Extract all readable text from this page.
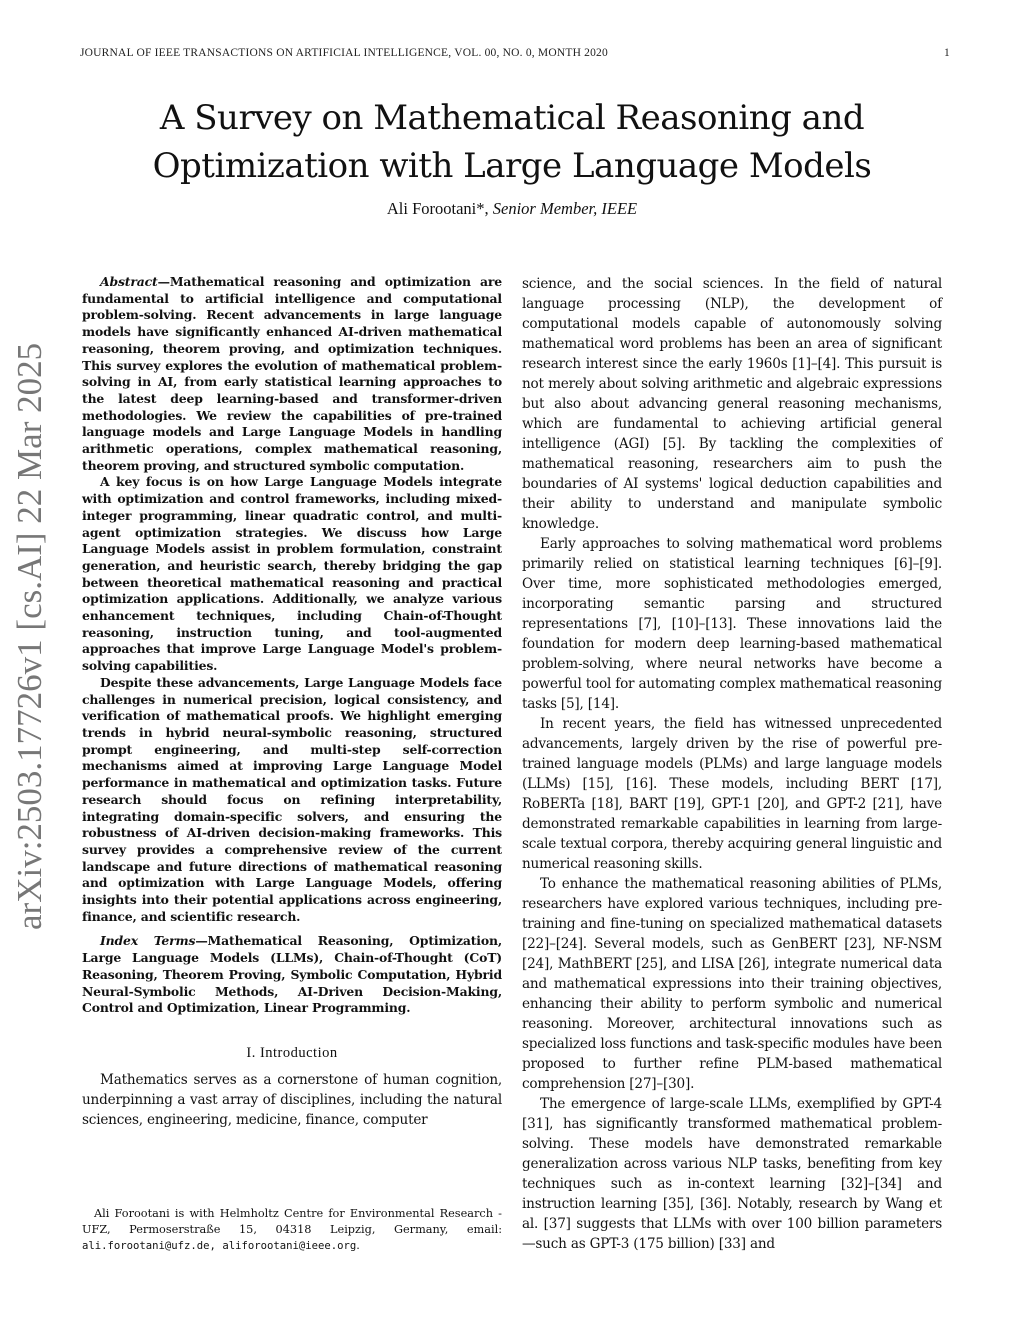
JOURNAL OF IEEE TRANSACTIONS ON ARTIFICIAL INTELLIGENCE, VOL. 00, NO. 0, MONTH 2020	1
arXiv:2503.17726v1 [cs.AI] 22 Mar 2025
A Survey on Mathematical Reasoning and
Optimization with Large Language Models
Ali Forootani*, Senior Member, IEEE

Abstract—Mathematical reasoning and optimization are fundamental to artificial intelligence and computational problem-solving. Recent advancements in large language models have significantly enhanced AI-driven mathematical reasoning, theorem proving, and optimization techniques. This survey explores the evolution of mathematical problem-solving in AI, from early statistical learning approaches to the latest deep learning-based and transformer-driven methodologies. We review the capabilities of pre-trained language models and Large Language Models in handling arithmetic operations, complex mathematical reasoning, theorem proving, and structured symbolic computation.

A key focus is on how Large Language Models integrate with optimization and control frameworks, including mixed-integer programming, linear quadratic control, and multi-agent optimization strategies. We discuss how Large Language Models assist in problem formulation, constraint generation, and heuristic search, thereby bridging the gap between theoretical mathematical reasoning and practical optimization applications. Additionally, we analyze various enhancement techniques, including Chain-of-Thought reasoning, instruction tuning, and tool-augmented approaches that improve Large Language Model's problem-solving capabilities.

Despite these advancements, Large Language Models face challenges in numerical precision, logical consistency, and verification of mathematical proofs. We highlight emerging trends in hybrid neural-symbolic reasoning, structured prompt engineering, and multi-step self-correction mechanisms aimed at improving Large Language Model performance in mathematical and optimization tasks. Future research should focus on refining interpretability, integrating domain-specific solvers, and ensuring the robustness of AI-driven decision-making frameworks. This survey provides a comprehensive review of the current landscape and future directions of mathematical reasoning and optimization with Large Language Models, offering insights into their potential applications across engineering, finance, and scientific research.

Index Terms—Mathematical Reasoning, Optimization, Large Language Models (LLMs), Chain-of-Thought (CoT) Reasoning, Theorem Proving, Symbolic Computation, Hybrid Neural-Symbolic Methods, AI-Driven Decision-Making, Control and Optimization, Linear Programming.

I. Introduction

Mathematics serves as a cornerstone of human cognition, underpinning a vast array of disciplines, including the natural sciences, engineering, medicine, finance, computer

science, and the social sciences. In the field of natural language processing (NLP), the development of computational models capable of autonomously solving mathematical word problems has been an area of significant research interest since the early 1960s [1]–[4]. This pursuit is not merely about solving arithmetic and algebraic expressions but also about advancing general reasoning mechanisms, which are fundamental to achieving artificial general intelligence (AGI) [5]. By tackling the complexities of mathematical reasoning, researchers aim to push the boundaries of AI systems' logical deduction capabilities and their ability to understand and manipulate symbolic knowledge.

Early approaches to solving mathematical word problems primarily relied on statistical learning techniques [6]–[9]. Over time, more sophisticated methodologies emerged, incorporating semantic parsing and structured representations [7], [10]–[13]. These innovations laid the foundation for modern deep learning-based mathematical problem-solving, where neural networks have become a powerful tool for automating complex mathematical reasoning tasks [5], [14].

In recent years, the field has witnessed unprecedented advancements, largely driven by the rise of powerful pre-trained language models (PLMs) and large language models (LLMs) [15], [16]. These models, including BERT [17], RoBERTa [18], BART [19], GPT-1 [20], and GPT-2 [21], have demonstrated remarkable capabilities in learning from large-scale textual corpora, thereby acquiring general linguistic and numerical reasoning skills.

To enhance the mathematical reasoning abilities of PLMs, researchers have explored various techniques, including pre-training and fine-tuning on specialized mathematical datasets [22]–[24]. Several models, such as GenBERT [23], NF-NSM [24], MathBERT [25], and LISA [26], integrate numerical data and mathematical expressions into their training objectives, enhancing their ability to perform symbolic and numerical reasoning. Moreover, architectural innovations such as specialized loss functions and task-specific modules have been proposed to further refine PLM-based mathematical comprehension [27]–[30].

The emergence of large-scale LLMs, exemplified by GPT-4 [31], has significantly transformed mathematical problem-solving. These models have demonstrated remarkable generalization across various NLP tasks, benefiting from key techniques such as in-context learning [32]–[34] and instruction learning [35], [36]. Notably, research by Wang et al. [37] suggests that LLMs with over 100 billion parameters—such as GPT-3 (175 billion) [33] and

Ali Forootani is with Helmholtz Centre for Environmental Research - UFZ, Permoserstraße 15, 04318 Leipzig, Germany, email: ali.forootani@ufz.de, aliforootani@ieee.org.
